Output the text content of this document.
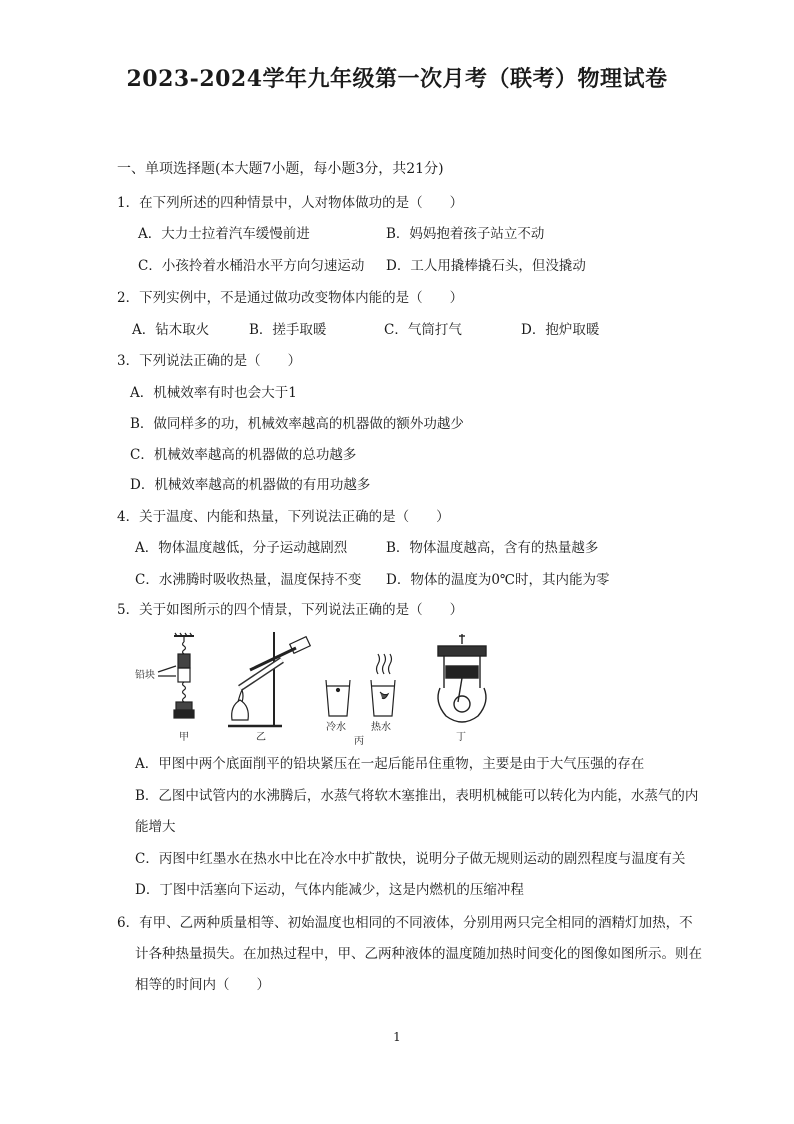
2023-2024学年九年级第一次月考（联考）物理试卷
一、单项选择题(本大题7小题，每小题3分，共21分)
1．在下列所述的四种情景中，人对物体做功的是（　　）
A．大力士拉着汽车缓慢前进	B．妈妈抱着孩子站立不动
C．小孩拎着水桶沿水平方向匀速运动 D．工人用撬棒撬石头，但没撬动
2．下列实例中，不是通过做功改变物体内能的是（　　）
A．钻木取火	B．搓手取暖	C．气筒打气	D．抱炉取暖
3．下列说法正确的是（　　）
A．机械效率有时也会大于1
B．做同样多的功，机械效率越高的机器做的额外功越少
C．机械效率越高的机器做的总功越多
D．机械效率越高的机器做的有用功越多
4．关于温度、内能和热量，下列说法正确的是（　　）
A．物体温度越低，分子运动越剧烈	B．物体温度越高，含有的热量越多
C．水沸腾时吸收热量，温度保持不变 D．物体的温度为0℃时，其内能为零
5．关于如图所示的四个情景，下列说法正确的是（　　）
铅块
甲	乙
冷水	热水
丙	丁
A．甲图中两个底面削平的铅块紧压在一起后能吊住重物，主要是由于大气压强的存在
B．乙图中试管内的水沸腾后，水蒸气将软木塞推出，表明机械能可以转化为内能，水蒸气的内
能增大
C．丙图中红墨水在热水中比在冷水中扩散快，说明分子做无规则运动的剧烈程度与温度有关
D．丁图中活塞向下运动，气体内能减少，这是内燃机的压缩冲程
6．有甲、乙两种质量相等、初始温度也相同的不同液体，分别用两只完全相同的酒精灯加热，不
计各种热量损失。在加热过程中，甲、乙两种液体的温度随加热时间变化的图像如图所示。则在
相等的时间内（　　）
1
